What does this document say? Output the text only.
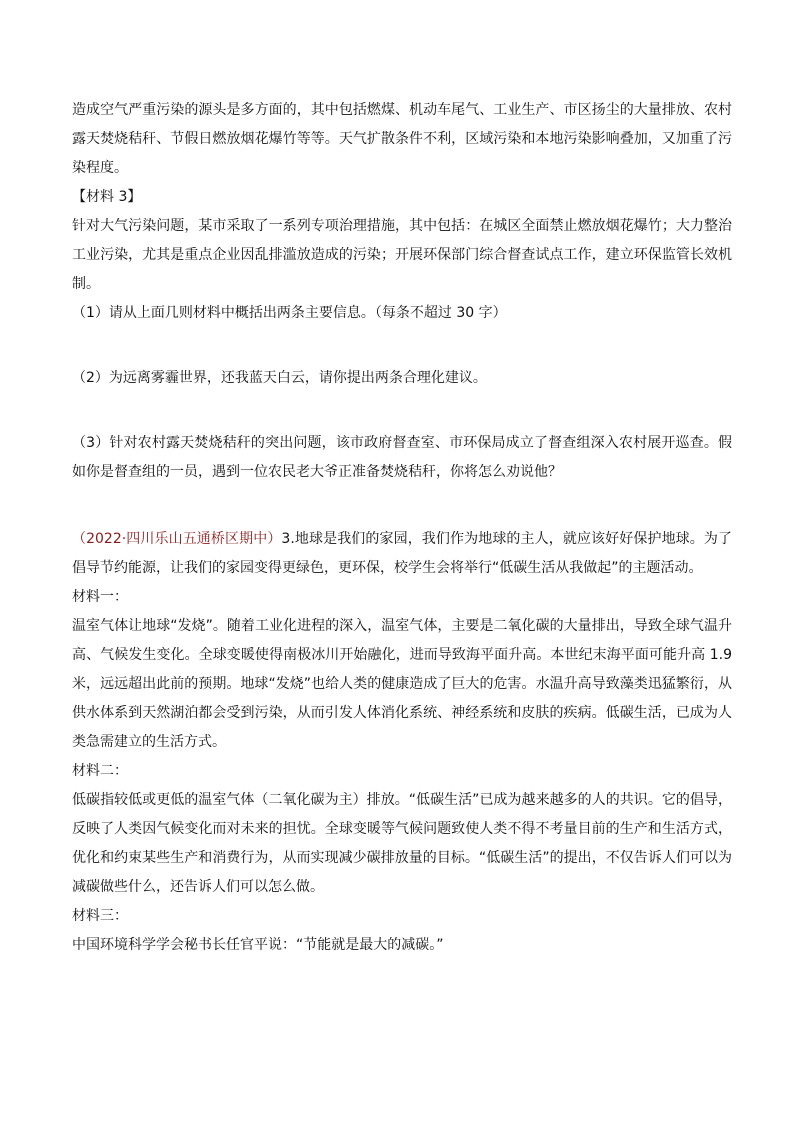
造成空气严重污染的源头是多方面的，其中包括燃煤、机动车尾气、工业生产、市区扬尘的大量排放、农村露天焚烧秸秆、节假日燃放烟花爆竹等等。天气扩散条件不利，区域污染和本地污染影响叠加，又加重了污染程度。

【材料 3】

针对大气污染问题，某市采取了一系列专项治理措施，其中包括：在城区全面禁止燃放烟花爆竹；大力整治工业污染，尤其是重点企业因乱排滥放造成的污染；开展环保部门综合督查试点工作，建立环保监管长效机制。

（1）请从上面几则材料中概括出两条主要信息。（每条不超过 30 字）

（2）为远离雾霾世界，还我蓝天白云，请你提出两条合理化建议。

（3）针对农村露天焚烧秸秆的突出问题，该市政府督查室、市环保局成立了督查组深入农村展开巡查。假如你是督查组的一员，遇到一位农民老大爷正准备焚烧秸秆，你将怎么劝说他？

（2022·四川乐山五通桥区期中）3.地球是我们的家园，我们作为地球的主人，就应该好好保护地球。为了倡导节约能源，让我们的家园变得更绿色，更环保，校学生会将举行“低碳生活从我做起”的主题活动。

材料一：

温室气体让地球“发烧”。随着工业化进程的深入，温室气体，主要是二氧化碳的大量排出，导致全球气温升高、气候发生变化。全球变暖使得南极冰川开始融化，进而导致海平面升高。本世纪末海平面可能升高 1.9 米，远远超出此前的预期。地球“发烧”也给人类的健康造成了巨大的危害。水温升高导致藻类迅猛繁衍，从供水体系到天然湖泊都会受到污染，从而引发人体消化系统、神经系统和皮肤的疾病。低碳生活，已成为人类急需建立的生活方式。

材料二：

低碳指较低或更低的温室气体（二氧化碳为主）排放。“低碳生活”已成为越来越多的人的共识。它的倡导，反映了人类因气候变化而对未来的担忧。全球变暖等气候问题致使人类不得不考量目前的生产和生活方式，优化和约束某些生产和消费行为，从而实现减少碳排放量的目标。“低碳生活”的提出，不仅告诉人们可以为减碳做些什么，还告诉人们可以怎么做。

材料三：

中国环境科学学会秘书长任官平说：“节能就是最大的减碳。”
